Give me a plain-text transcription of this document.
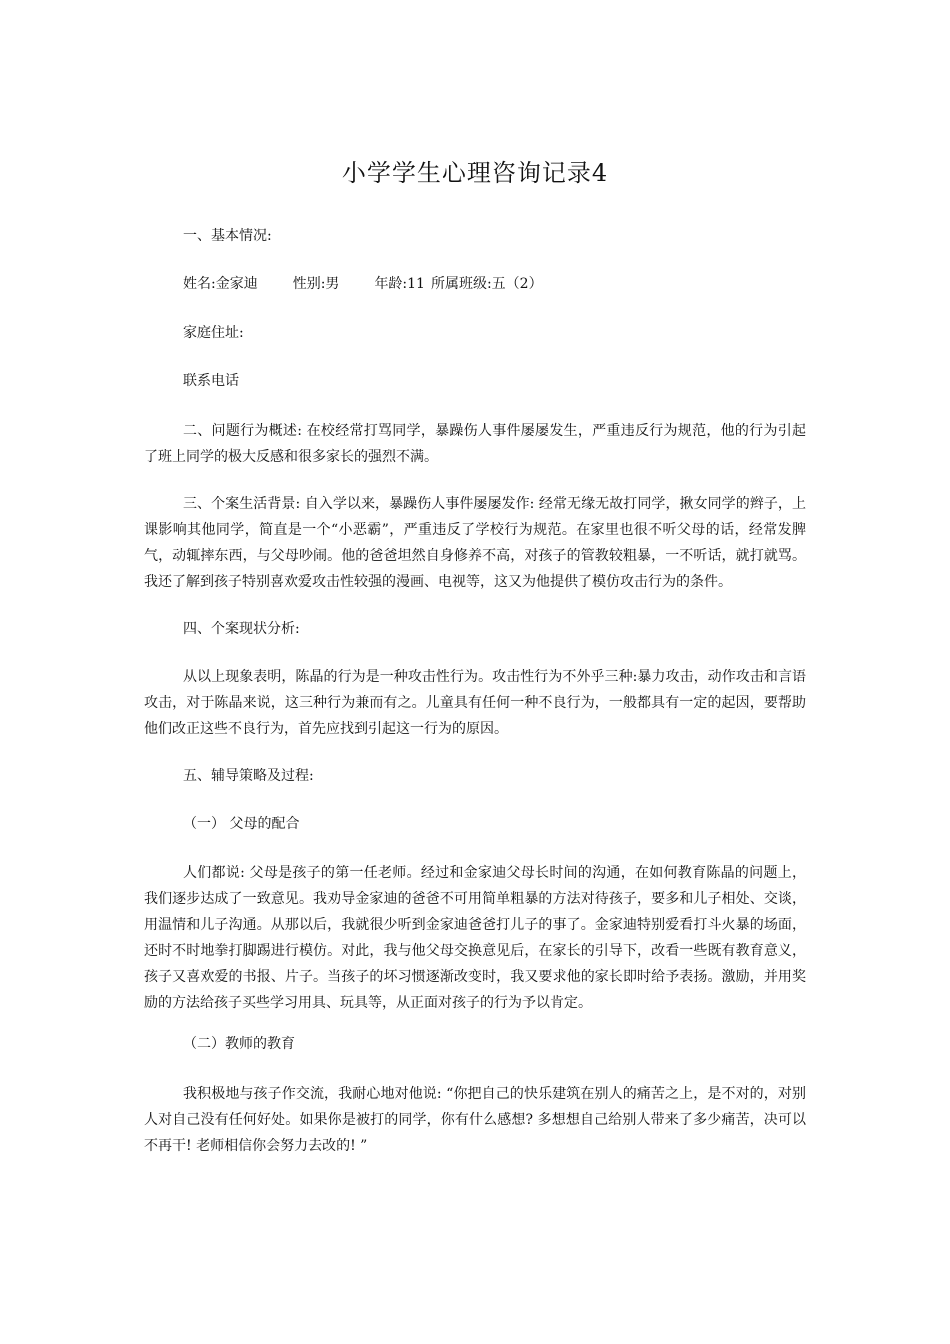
小学学生心理咨询记录4
一、基本情况:
姓名:金家迪	性别:男	年龄:11 所属班级:五（2）
家庭住址:
联系电话
二、问题行为概述: 在校经常打骂同学，暴躁伤人事件屡屡发生，严重违反行为规范，他的行为引起了班上同学的极大反感和很多家长的强烈不满。
三、个案生活背景: 自入学以来，暴躁伤人事件屡屡发作: 经常无缘无故打同学，揪女同学的辫子，上课影响其他同学，简直是一个“小恶霸”，严重违反了学校行为规范。在家里也很不听父母的话，经常发脾气，动辄摔东西，与父母吵闹。他的爸爸坦然自身修养不高，对孩子的管教较粗暴，一不听话，就打就骂。我还了解到孩子特别喜欢爱攻击性较强的漫画、电视等，这又为他提供了模仿攻击行为的条件。
四、个案现状分析:
从以上现象表明，陈晶的行为是一种攻击性行为。攻击性行为不外乎三种:暴力攻击，动作攻击和言语攻击，对于陈晶来说，这三种行为兼而有之。儿童具有任何一种不良行为，一般都具有一定的起因，要帮助他们改正这些不良行为，首先应找到引起这一行为的原因。
五、辅导策略及过程:
（一） 父母的配合
人们都说: 父母是孩子的第一任老师。经过和金家迪父母长时间的沟通，在如何教育陈晶的问题上，我们逐步达成了一致意见。我劝导金家迪的爸爸不可用简单粗暴的方法对待孩子，要多和儿子相处、交谈，用温情和儿子沟通。从那以后，我就很少听到金家迪爸爸打儿子的事了。金家迪特别爱看打斗火暴的场面，还时不时地拳打脚踢进行模仿。对此，我与他父母交换意见后，在家长的引导下，改看一些既有教育意义，孩子又喜欢爱的书报、片子。当孩子的坏习惯逐渐改变时，我又要求他的家长即时给予表扬。激励，并用奖励的方法给孩子买些学习用具、玩具等，从正面对孩子的行为予以肯定。
（二）教师的教育
我积极地与孩子作交流，我耐心地对他说: “你把自己的快乐建筑在别人的痛苦之上，是不对的，对别人对自己没有任何好处。如果你是被打的同学，你有什么感想? 多想想自己给别人带来了多少痛苦，决可以不再干! 老师相信你会努力去改的! ”
